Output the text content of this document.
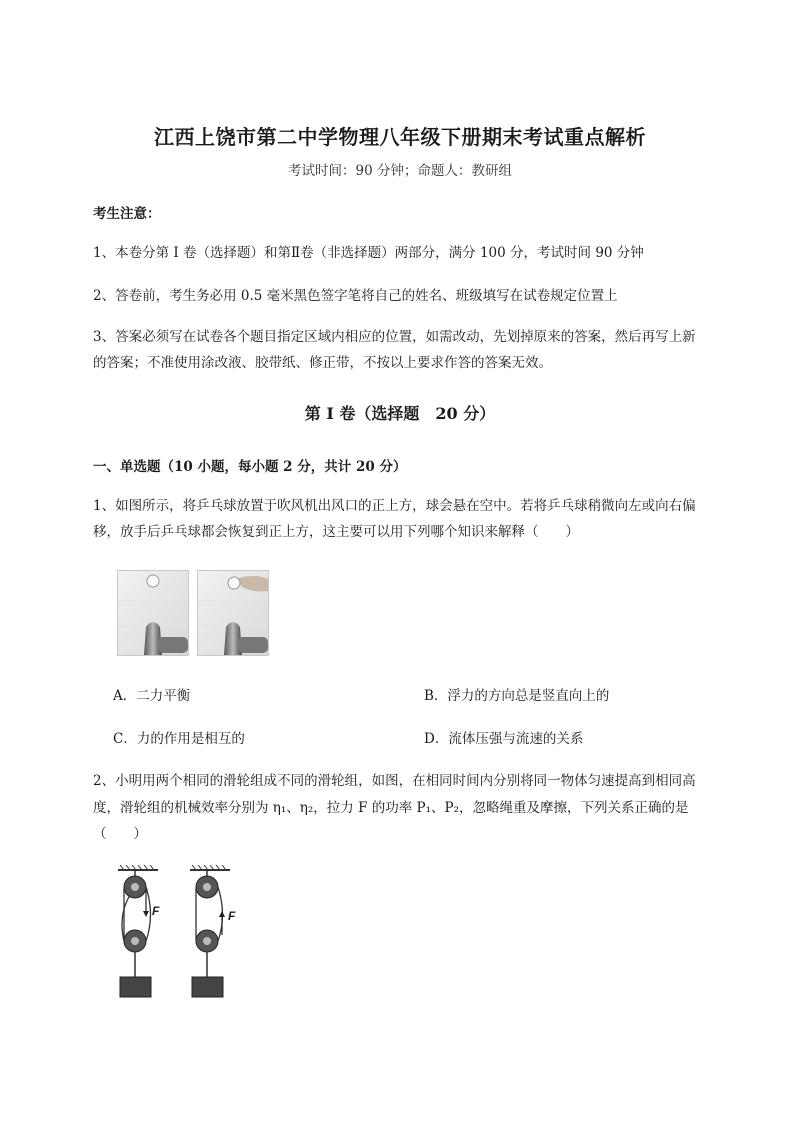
江西上饶市第二中学物理八年级下册期末考试重点解析
考试时间：90 分钟；命题人：教研组
考生注意：
1、本卷分第 I 卷（选择题）和第Ⅱ卷（非选择题）两部分，满分 100 分，考试时间 90 分钟
2、答卷前，考生务必用 0.5 毫米黑色签字笔将自己的姓名、班级填写在试卷规定位置上
3、答案必须写在试卷各个题目指定区域内相应的位置，如需改动，先划掉原来的答案，然后再写上新
的答案；不准使用涂改液、胶带纸、修正带，不按以上要求作答的答案无效。
第 I 卷（选择题　20 分）
一、单选题（10 小题，每小题 2 分，共计 20 分）
1、如图所示，将乒乓球放置于吹风机出风口的正上方，球会悬在空中。若将乒乓球稍微向左或向右偏
移，放手后乒乓球都会恢复到正上方，这主要可以用下列哪个知识来解释（　　）
A．二力平衡	B．浮力的方向总是竖直向上的
C．力的作用是相互的	D．流体压强与流速的关系
2、小明用两个相同的滑轮组成不同的滑轮组，如图，在相同时间内分别将同一物体匀速提高到相同高
度，滑轮组的机械效率分别为 η₁、η₂，拉力 F 的功率 P₁、P₂，忽略绳重及摩擦，下列关系正确的是
（　　）
F	F
